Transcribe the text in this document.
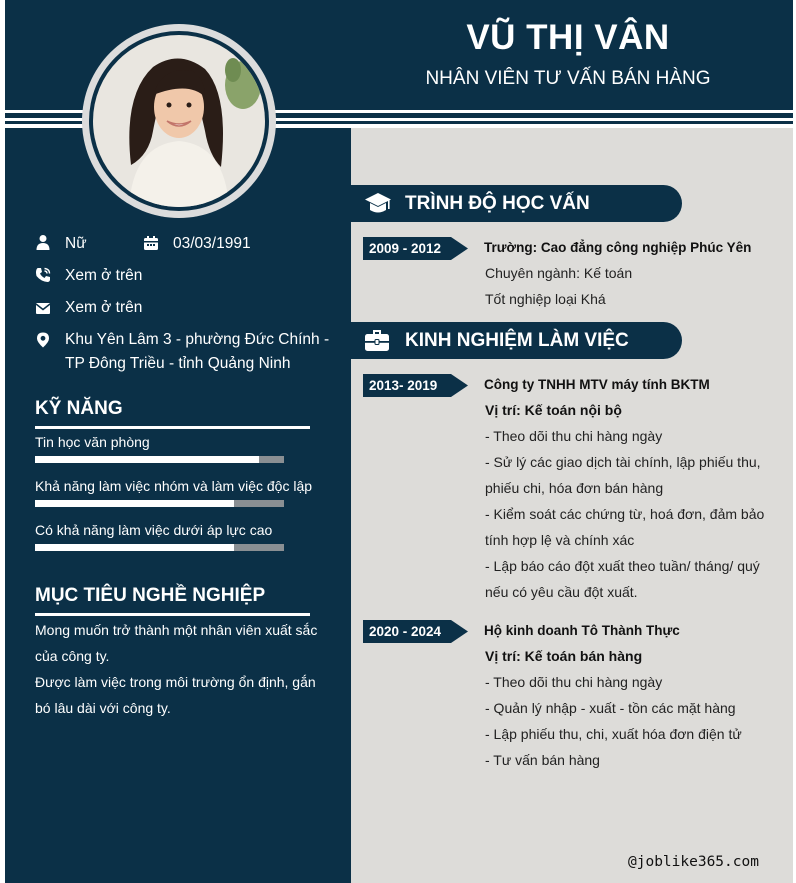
VŨ THỊ VÂN
NHÂN VIÊN TƯ VẤN BÁN HÀNG
Nữ	03/03/1991
Xem ở trên
Xem ở trên
Khu Yên Lâm 3 - phường Đức Chính -
TP Đông Triều - tỉnh Quảng Ninh
KỸ NĂNG
Tin học văn phòng
Khả năng làm việc nhóm và làm việc độc lập
Có khả năng làm việc dưới áp lực cao
MỤC TIÊU NGHỀ NGHIỆP
Mong muốn trở thành một nhân viên xuất sắc
của công ty.
Được làm việc trong môi trường ổn định, gắn
bó lâu dài với công ty.
TRÌNH ĐỘ HỌC VẤN
2009 - 2012	Trường: Cao đẳng công nghiệp Phúc Yên
Chuyên ngành: Kế toán
Tốt nghiệp loại Khá
KINH NGHIỆM LÀM VIỆC
2013- 2019	Công ty TNHH MTV máy tính BKTM
Vị trí: Kế toán nội bộ
- Theo dõi thu chi hàng ngày
- Sử lý các giao dịch tài chính, lập phiếu thu,
phiếu chi, hóa đơn bán hàng
- Kiểm soát các chứng từ, hoá đơn, đảm bảo
tính hợp lệ và chính xác
- Lập báo cáo đột xuất theo tuần/ tháng/ quý
nếu có yêu cầu đột xuất.
2020 - 2024	Hộ kinh doanh Tô Thành Thực
Vị trí: Kế toán bán hàng
- Theo dõi thu chi hàng ngày
- Quản lý nhập - xuất - tồn các mặt hàng
- Lập phiếu thu, chi, xuất hóa đơn điện tử
- Tư vấn bán hàng
@joblike365.com
